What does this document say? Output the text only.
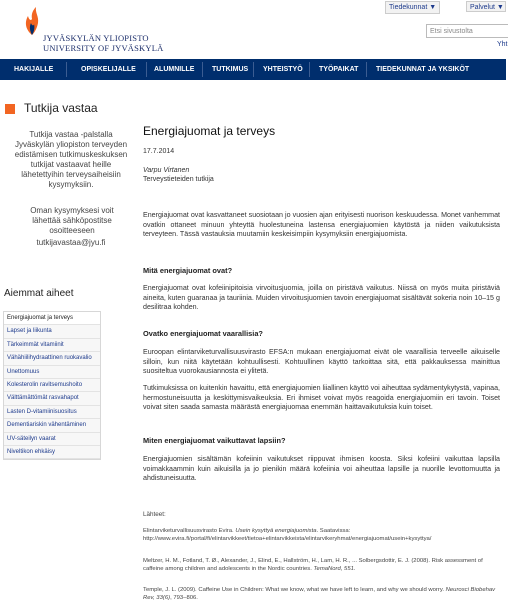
JYVÄSKYLÄN YLIOPISTO
UNIVERSITY OF JYVÄSKYLÄ
Tiedekunnat ▼	Palvelut ▼
Etsi sivustolta
Yht
HAKIJALLE	OPISKELIJALLE	ALUMNILLE	TUTKIMUS YHTEISTYÖ TYÖPAIKAT	TIEDEKUNNAT JA YKSIKÖT
Tutkija vastaa
Tutkija vastaa -palstalla Jyväskylän yliopiston terveyden edistämisen tutkimuskeskuksen tutkijat vastaavat heille lähetettyihin terveysaiheisiin kysymyksiin.
Oman kysymyksesi voit lähettää sähköpostitse osoitteeseen
tutkijavastaa@jyu.fi
Aiemmat aiheet
Energiajuomat ja terveys
Lapset ja liikunta
Tärkeimmät vitamiinit
Vähähiilihydraattinen ruokavalio
Unettomuus
Kolesterolin ravitsemushoito
Välttämättömät rasvahapot
Lasten D-vitamiinisuositus
Dementiariskin vähentäminen
UV-säteilyn vaarat
Niveltikon ehkäisy
Energiajuomat ja terveys
17.7.2014
Varpu Virtanen
Terveystieteiden tutkija
Energiajuomat ovat kasvattaneet suosiotaan jo vuosien ajan erityisesti nuorison keskuudessa. Monet vanhemmat ovatkin ottaneet minuun yhteyttä huolestuneina lastensa energiajuomien käytöstä ja niiden vaikutuksista terveyteen. Tässä vastauksia muutamiin keskeisimpiin kysymyksiin energiajuomista.
Mitä energiajuomat ovat?
Energiajuomat ovat kofeiinipitoisia virvoitusjuomia, joilla on piristävä vaikutus. Niissä on myös muita piristäviä aineita, kuten guaranaa ja tauriinia. Muiden virvoitusjuomien tavoin energiajuomat sisältävät sokeria noin 10–15 g desilitraa kohden.
Ovatko energiajuomat vaarallisia?
Euroopan elintarviketurvallisuusvirasto EFSA:n mukaan energiajuomat eivät ole vaarallisia terveelle aikuiselle silloin, kun niitä käytetään kohtuullisesti. Kohtuullinen käyttö tarkoittaa sitä, että pakkauksessa mainittua suositeltua vuorokausiannosta ei ylitetä.
Tutkimuksissa on kuitenkin havaittu, että energiajuomien liiallinen käyttö voi aiheuttaa sydämentykytystä, vapinaa, hermostuneisuutta ja keskittymisvaikeuksia. Eri ihmiset voivat myös reagoida energiajuomiin eri tavoin. Toiset voivat siten saada samasta määrästä energiajuomaa enemmän haittavaikutuksia kuin toiset.
Miten energiajuomat vaikuttavat lapsiin?
Energiajuomien sisältämän kofeiinin vaikutukset riippuvat ihmisen koosta. Siksi kofeiini vaikuttaa lapsilla voimakkaammin kuin aikuisilla ja jo pienikin määrä kofeiinia voi aiheuttaa lapsille ja nuorille levottomuutta ja ahdistuneisuutta.
Lähteet:
Elintarviketurvallisuusvirasto Evira. Usein kysyttyä energiajuomista. Saatavissa: http://www.evira.fi/portal/fi/elintarvikkeet/tietoa+elintarvikkeista/elintarvikeryhmat/energiajuomat/usein+kysyttya/
Meltzer, H. M., Fotland, T. Ø., Alexander, J., Elind, E., Hallström, H., Lam, H. R., ... Solbergsdottir, E. J. (2008). Risk assessment of caffeine among children and adolescents in the Nordic countries. TemaNord, 551.
Temple, J. L. (2009). Caffeine Use in Children: What we know, what we have left to learn, and why we should worry. Neurosci Biobehav Rev, 33(6), 793–806.
